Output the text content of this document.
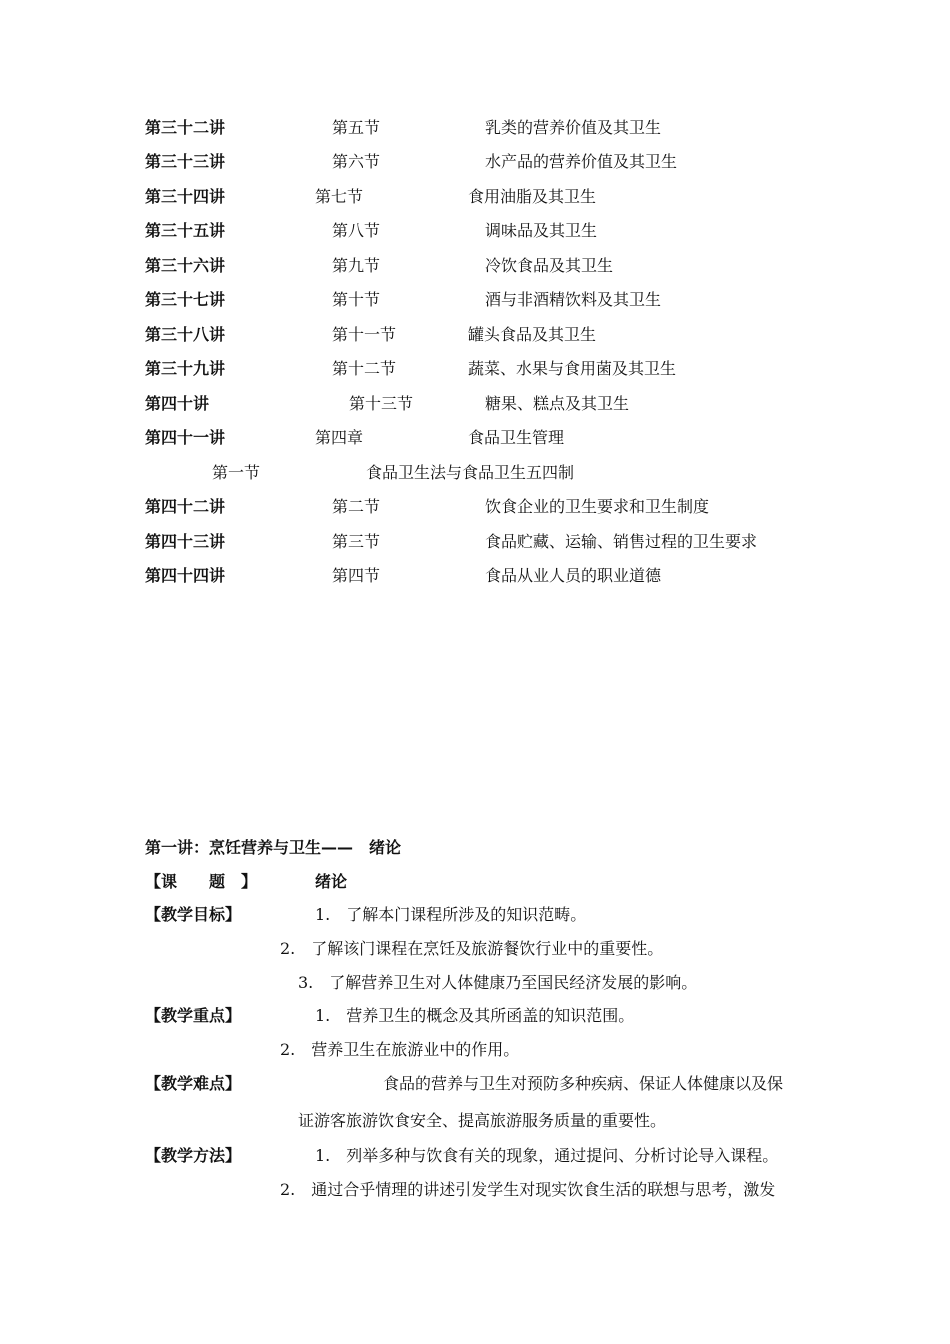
第三十二讲	第五节	乳类的营养价值及其卫生
第三十三讲	第六节	水产品的营养价值及其卫生
第三十四讲	第七节	食用油脂及其卫生
第三十五讲	第八节	调味品及其卫生
第三十六讲	第九节	冷饮食品及其卫生
第三十七讲	第十节	酒与非酒精饮料及其卫生
第三十八讲	第十一节	罐头食品及其卫生
第三十九讲	第十二节	蔬菜、水果与食用菌及其卫生
第四十讲	第十三节	糖果、糕点及其卫生
第四十一讲	第四章	食品卫生管理
第一节	食品卫生法与食品卫生五四制
第四十二讲	第二节	饮食企业的卫生要求和卫生制度
第四十三讲	第三节	食品贮藏、运输、销售过程的卫生要求
第四十四讲	第四节	食品从业人员的职业道德
第一讲：烹饪营养与卫生——　绪论
【课　　题　】	绪论
【教学目标】	1.　了解本门课程所涉及的知识范畴。
2.　了解该门课程在烹饪及旅游餐饮行业中的重要性。
3.　了解营养卫生对人体健康乃至国民经济发展的影响。
【教学重点】	1.　营养卫生的概念及其所函盖的知识范围。
2.　营养卫生在旅游业中的作用。
【教学难点】	食品的营养与卫生对预防多种疾病、保证人体健康以及保
证游客旅游饮食安全、提高旅游服务质量的重要性。
【教学方法】	1.　列举多种与饮食有关的现象，通过提问、分析讨论导入课程。
2.　通过合乎情理的讲述引发学生对现实饮食生活的联想与思考，激发
